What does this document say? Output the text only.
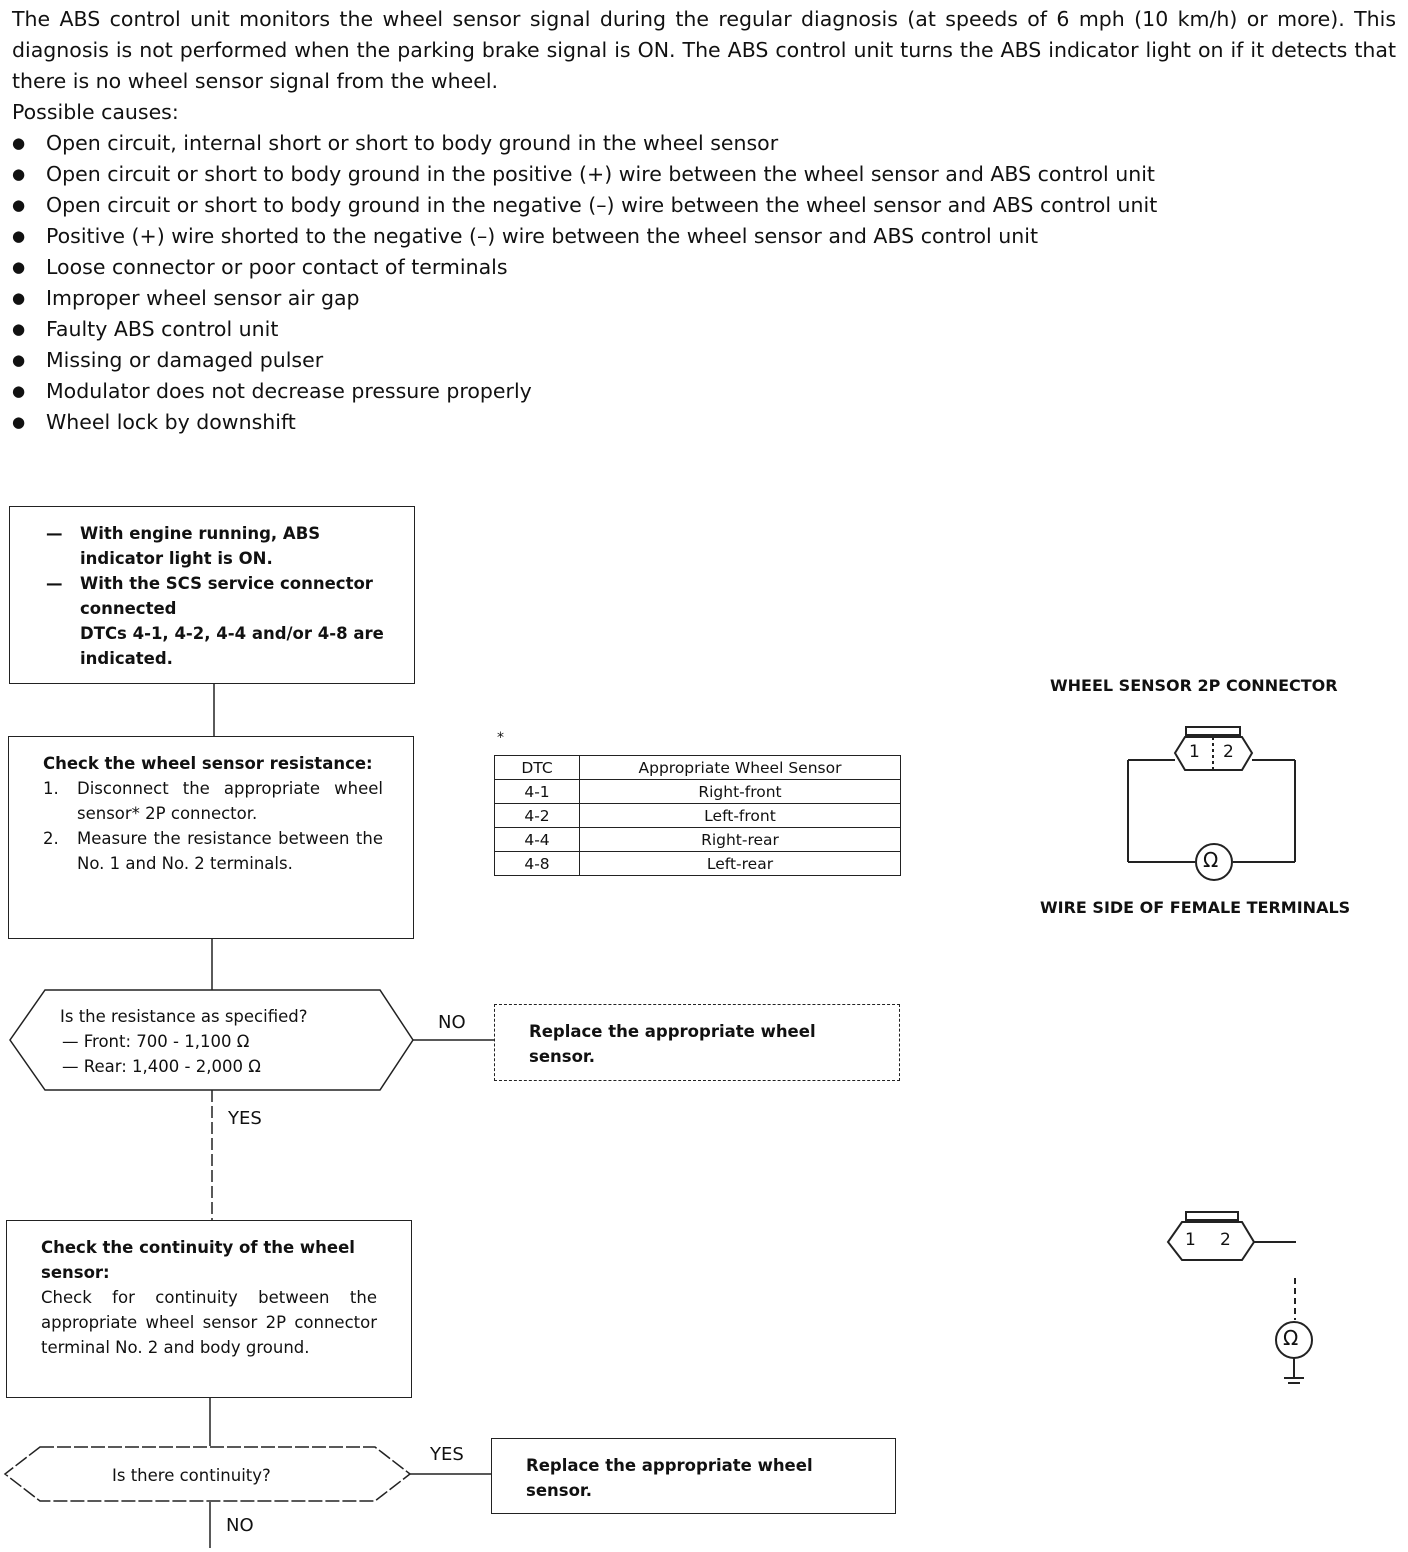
The ABS control unit monitors the wheel sensor signal during the regular diagnosis (at speeds of 6 mph (10 km/h) or more). This diagnosis is not performed when the parking brake signal is ON. The ABS control unit turns the ABS indicator light on if it detects that there is no wheel sensor signal from the wheel.

Possible causes:
● Open circuit, internal short or short to body ground in the wheel sensor
● Open circuit or short to body ground in the positive (+) wire between the wheel sensor and ABS control unit
● Open circuit or short to body ground in the negative (–) wire between the wheel sensor and ABS control unit
● Positive (+) wire shorted to the negative (–) wire between the wheel sensor and ABS control unit
● Loose connector or poor contact of terminals
● Improper wheel sensor air gap
● Faulty ABS control unit
● Missing or damaged pulser
● Modulator does not decrease pressure properly
● Wheel lock by downshift
—	With engine running, ABS indicator light is ON.
—	With the SCS service connector connected
DTCs 4-1, 4-2, 4-4 and/or 4-8 are indicated.
Check the wheel sensor resistance:
1.	Disconnect the appropriate wheel sensor* 2P connector.
2.	Measure the resistance between the No. 1 and No. 2 terminals.
Is the resistance as specified?
— Front: 700 - 1,100 Ω
— Rear: 1,400 - 2,000 Ω
NO
YES
Replace the appropriate wheel sensor.
Check the continuity of the wheel sensor:
Check for continuity between the appropriate wheel sensor 2P connector terminal No. 2 and body ground.
Is there continuity?
YES
NO
Replace the appropriate wheel sensor.
*
DTC	Appropriate Wheel Sensor
4-1	Right-front
4-2	Left-front
4-4	Right-rear
4-8	Left-rear
WHEEL SENSOR 2P CONNECTOR
WIRE SIDE OF FEMALE TERMINALS
1 2
Ω
1 2
Ω
